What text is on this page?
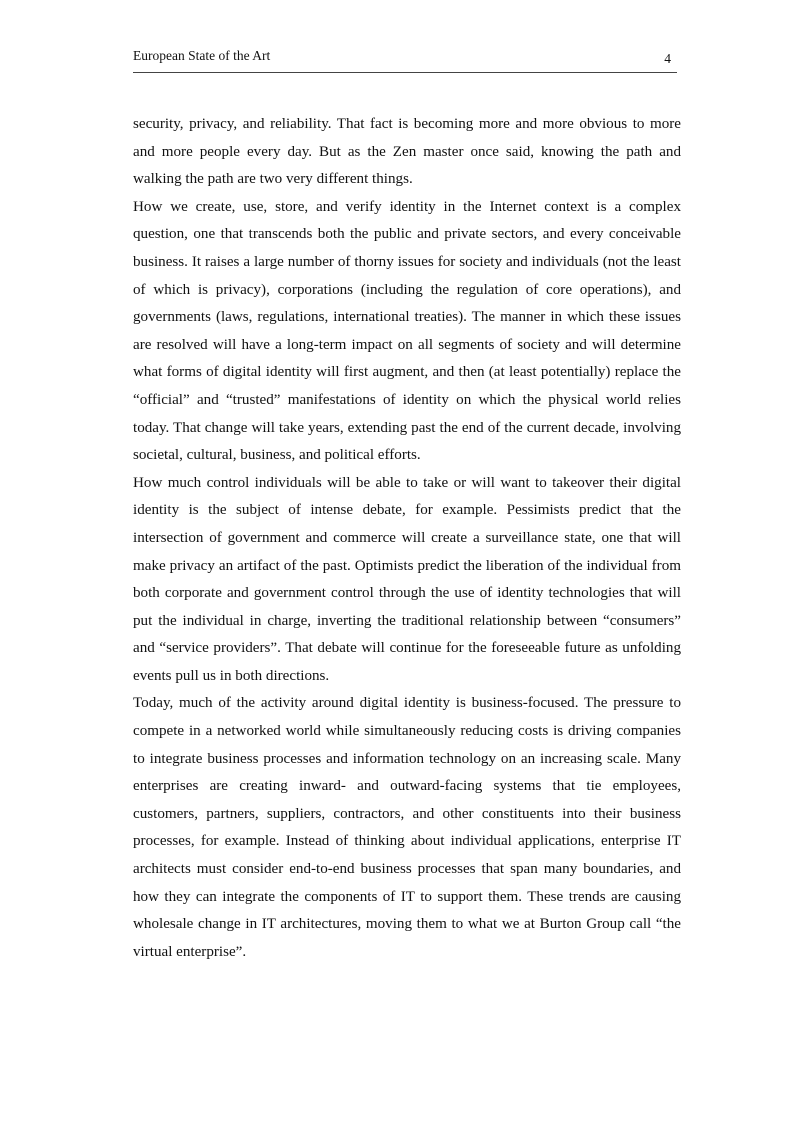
European State of the Art	4

security, privacy, and reliability. That fact is becoming more and more obvious to more and more people every day. But as the Zen master once said, knowing the path and walking the path are two very different things.

How we create, use, store, and verify identity in the Internet context is a complex question, one that transcends both the public and private sectors, and every conceivable business. It raises a large number of thorny issues for society and individuals (not the least of which is privacy), corporations (including the regulation of core operations), and governments (laws, regulations, international treaties). The manner in which these issues are resolved will have a long-term impact on all segments of society and will determine what forms of digital identity will first augment, and then (at least potentially) replace the “official” and “trusted” manifestations of identity on which the physical world relies today. That change will take years, extending past the end of the current decade, involving societal, cultural, business, and political efforts.

How much control individuals will be able to take or will want to takeover their digital identity is the subject of intense debate, for example. Pessimists predict that the intersection of government and commerce will create a surveillance state, one that will make privacy an artifact of the past. Optimists predict the liberation of the individual from both corporate and government control through the use of identity technologies that will put the individual in charge, inverting the traditional relationship between “consumers” and “service providers”. That debate will continue for the foreseeable future as unfolding events pull us in both directions.

Today, much of the activity around digital identity is business-focused. The pressure to compete in a networked world while simultaneously reducing costs is driving companies to integrate business processes and information technology on an increasing scale. Many enterprises are creating inward- and outward-facing systems that tie employees, customers, partners, suppliers, contractors, and other constituents into their business processes, for example. Instead of thinking about individual applications, enterprise IT architects must consider end-to-end business processes that span many boundaries, and how they can integrate the components of IT to support them. These trends are causing wholesale change in IT architectures, moving them to what we at Burton Group call “the virtual enterprise”.
